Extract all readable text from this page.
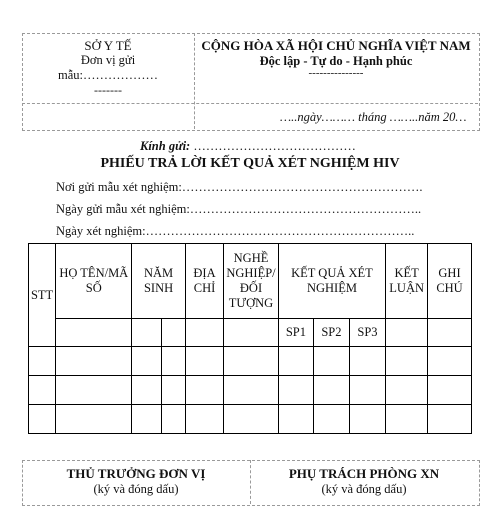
SỞ Y TẾ
Đơn vị gửi
mẫu:………………
-------
CỘNG HÒA XÃ HỘI CHỦ NGHĨA VIỆT NAM
Độc lập - Tự do - Hạnh phúc
---------------
…..ngày……… tháng ……..năm 20…
Kính gửi: …………………………………
PHIẾU TRẢ LỜI KẾT QUẢ XÉT NGHIỆM HIV
Nơi gửi mẫu xét nghiệm:………………………………………………….
Ngày gửi mẫu xét nghiệm:………………………………………………..
Ngày xét nghiệm:………………………………………………………..
STT	HỌ TÊN/MÃ SỐ	NĂM SINH		ĐỊA CHỈ	NGHỀ NGHIỆP/ ĐỐI TƯỢNG	KẾT QUẢ XÉT NGHIỆM			KẾT LUẬN	GHI CHÚ
						SP1	SP2	SP3		

THỦ TRƯỞNG ĐƠN VỊ
(ký và đóng dấu)
PHỤ TRÁCH PHÒNG XN
(ký và đóng dấu)
